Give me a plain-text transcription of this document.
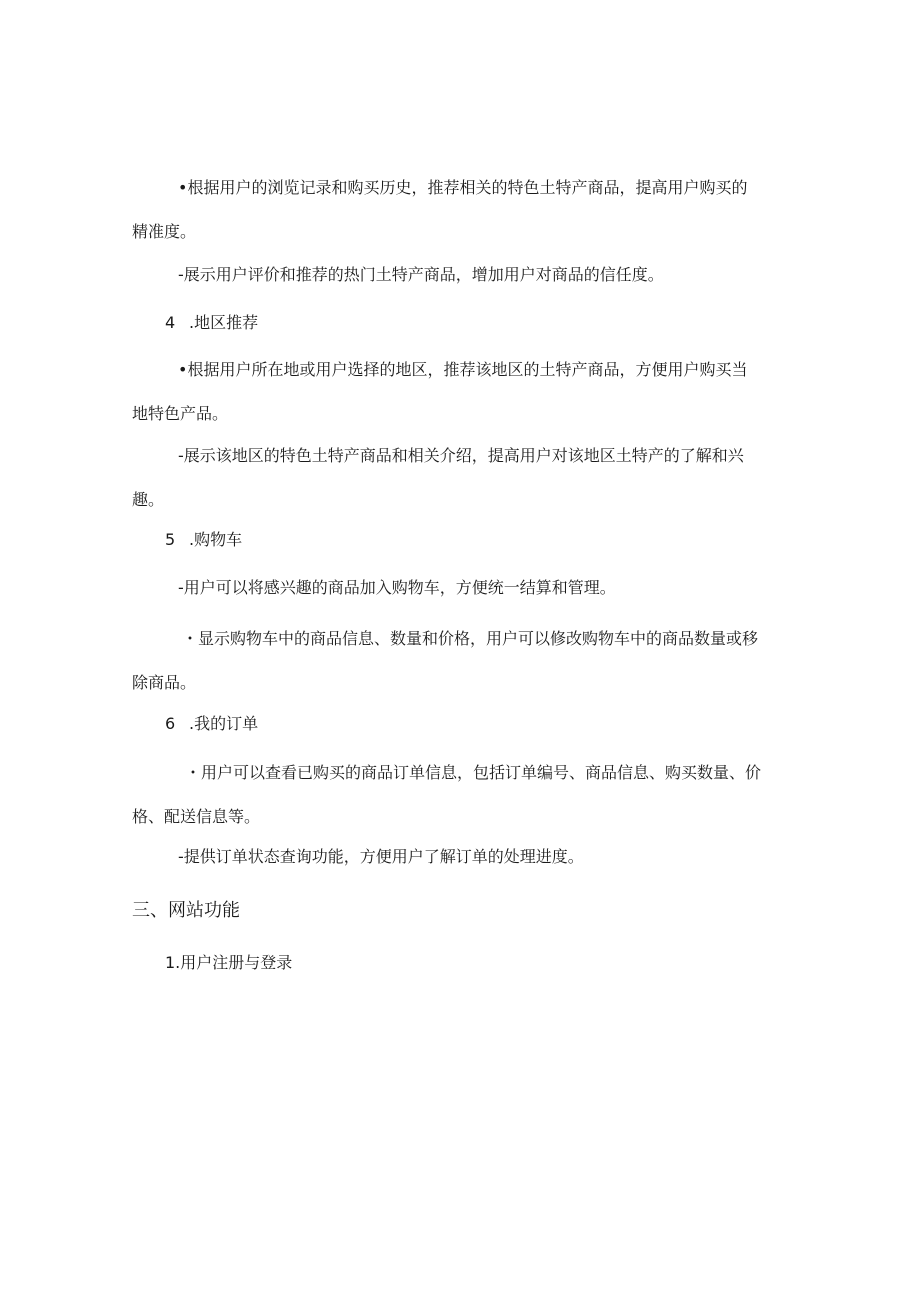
•根据用户的浏览记录和购买历史，推荐相关的特色土特产商品，提高用户购买的
精准度。
-展示用户评价和推荐的热门土特产商品，增加用户对商品的信任度。
4 .地区推荐
•根据用户所在地或用户选择的地区，推荐该地区的土特产商品，方便用户购买当
地特色产品。
-展示该地区的特色土特产商品和相关介绍，提高用户对该地区土特产的了解和兴
趣。
5 .购物车
-用户可以将感兴趣的商品加入购物车，方便统一结算和管理。
・显示购物车中的商品信息、数量和价格，用户可以修改购物车中的商品数量或移
除商品。
6 .我的订单
・用户可以查看已购买的商品订单信息，包括订单编号、商品信息、购买数量、价
格、配送信息等。
-提供订单状态查询功能，方便用户了解订单的处理进度。
三、网站功能
1.用户注册与登录
